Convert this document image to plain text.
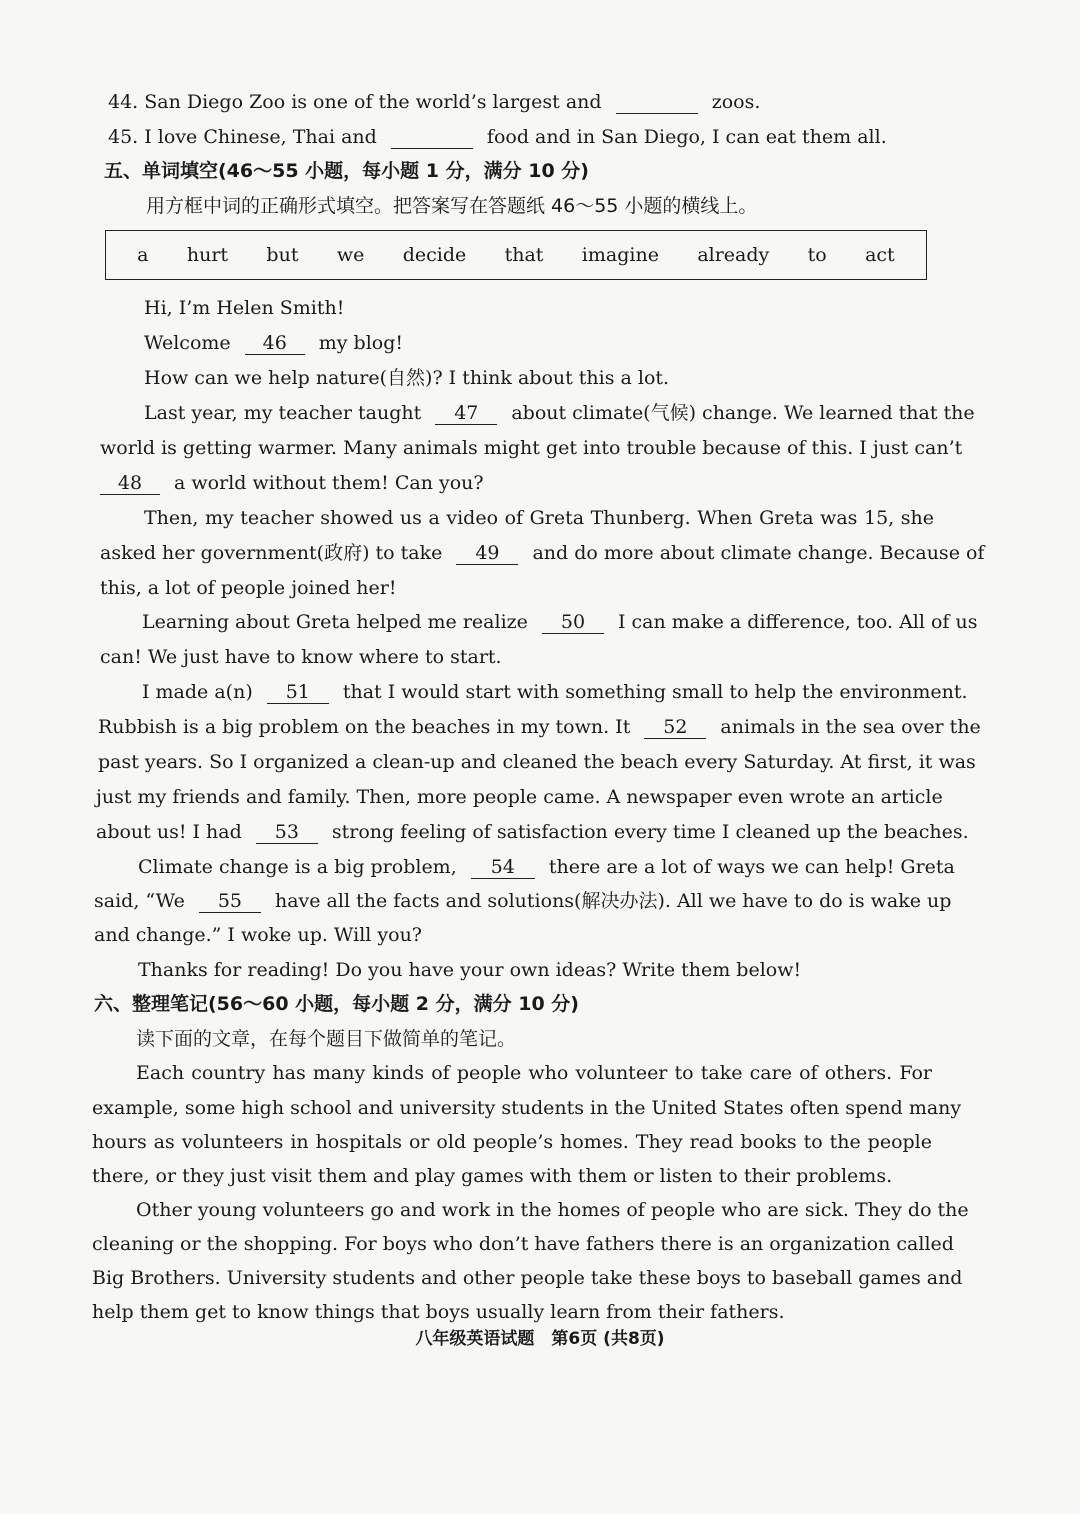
44. San Diego Zoo is one of the world’s largest and	zoos.
45. I love Chinese, Thai and	food and in San Diego, I can eat them all.
五、单词填空(46～55 小题，每小题 1 分，满分 10 分)
用方框中词的正确形式填空。把答案写在答题纸 46～55 小题的横线上。
a hurt but we decide that imagine already to act
Hi, I’m Helen Smith!
Welcome 46 my blog!
How can we help nature(自然)? I think about this a lot.
Last year, my teacher taught 47 about climate(气候) change. We learned that the
world is getting warmer. Many animals might get into trouble because of this. I just can’t
48 a world without them! Can you?
Then, my teacher showed us a video of Greta Thunberg. When Greta was 15, she
asked her government(政府) to take 49 and do more about climate change. Because of
this, a lot of people joined her!
Learning about Greta helped me realize 50 I can make a difference, too. All of us
can! We just have to know where to start.
I made a(n) 51 that I would start with something small to help the environment.
Rubbish is a big problem on the beaches in my town. It 52 animals in the sea over the
past years. So I organized a clean-up and cleaned the beach every Saturday. At first, it was
just my friends and family. Then, more people came. A newspaper even wrote an article
about us! I had 53 strong feeling of satisfaction every time I cleaned up the beaches.
Climate change is a big problem, 54 there are a lot of ways we can help! Greta
said, “We 55 have all the facts and solutions(解决办法). All we have to do is wake up
and change.” I woke up. Will you?
Thanks for reading! Do you have your own ideas? Write them below!
六、整理笔记(56～60 小题，每小题 2 分，满分 10 分)
读下面的文章，在每个题目下做简单的笔记。
Each country has many kinds of people who volunteer to take care of others. For
example, some high school and university students in the United States often spend many
hours as volunteers in hospitals or old people’s homes. They read books to the people
there, or they just visit them and play games with them or listen to their problems.
Other young volunteers go and work in the homes of people who are sick. They do the
cleaning or the shopping. For boys who don’t have fathers there is an organization called
Big Brothers. University students and other people take these boys to baseball games and
help them get to know things that boys usually learn from their fathers.
八年级英语试题　第6页 (共8页)
